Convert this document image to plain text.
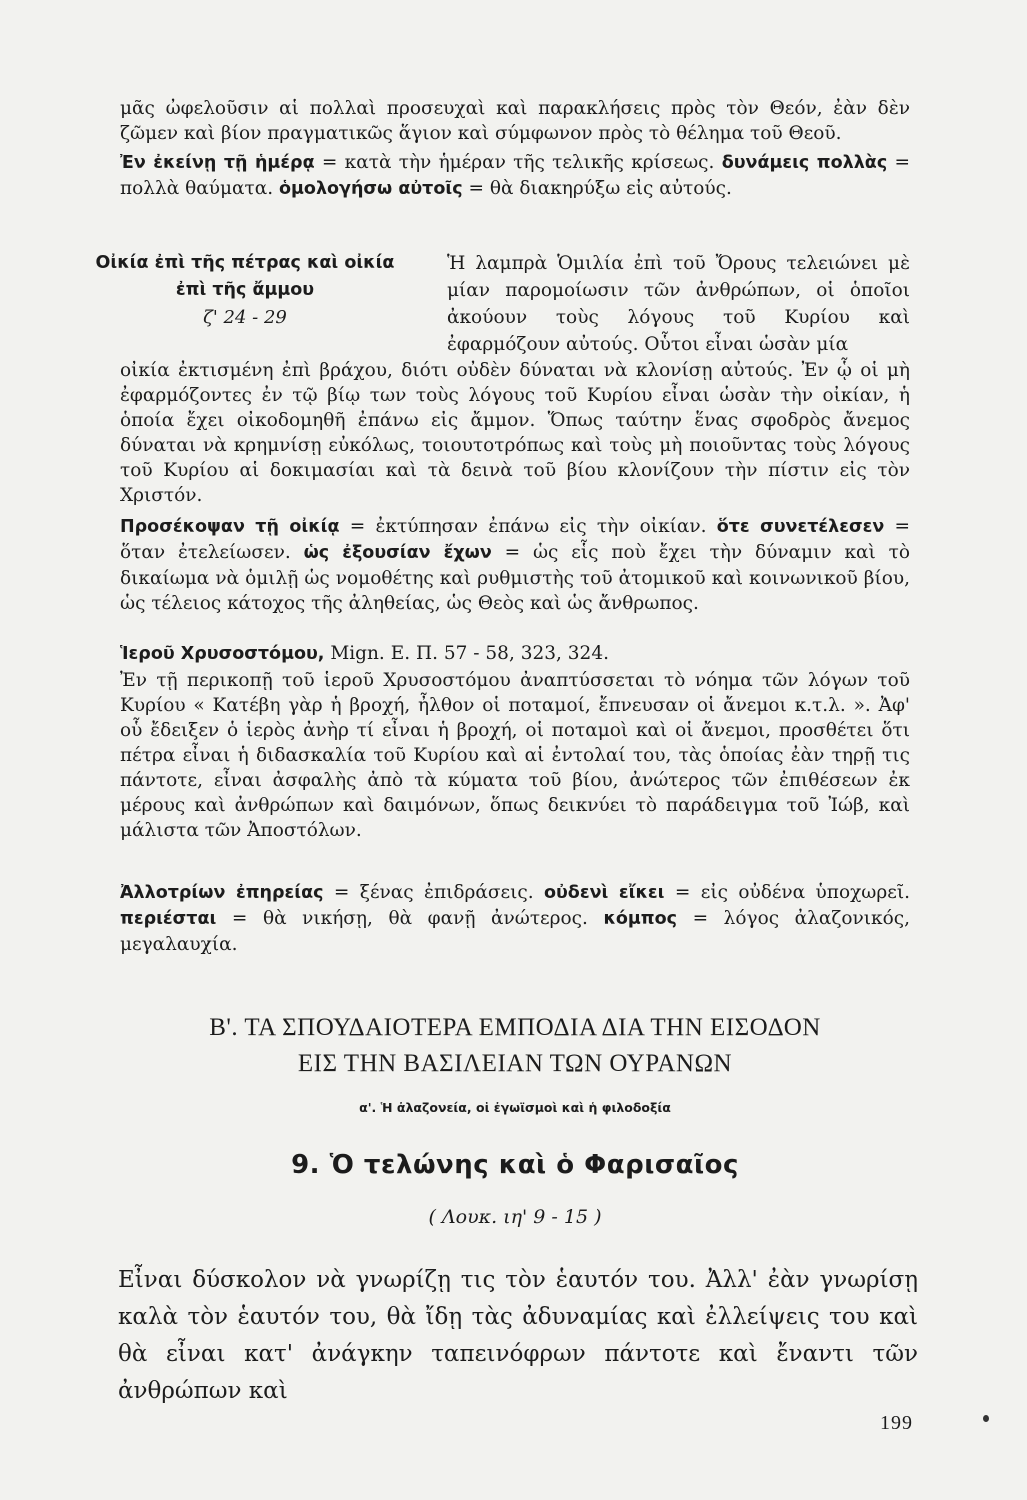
μᾶς ὠφελοῦσιν αἱ πολλαὶ προσευχαὶ καὶ παρακλήσεις πρὸς τὸν Θεόν, ἐὰν δὲν ζῶμεν καὶ βίον πραγματικῶς ἅγιον καὶ σύμφωνον πρὸς τὸ θέλημα τοῦ Θεοῦ.

Ἐν ἐκείνῃ τῇ ἡμέρᾳ = κατὰ τὴν ἡμέραν τῆς τελικῆς κρίσεως. δυνάμεις πολλὰς = πολλὰ θαύματα. ὁμολογήσω αὐτοῖς = θὰ διακηρύξω εἰς αὐτούς.

Οἰκία ἐπὶ τῆς πέτρας καὶ οἰκία
ἐπὶ τῆς ἄμμου
ζ' 24 - 29

Ἡ λαμπρὰ Ὁμιλία ἐπὶ τοῦ Ὄρους τελειώνει μὲ μίαν παρομοίωσιν τῶν ἀνθρώπων, οἱ ὁποῖοι ἀκούουν τοὺς λόγους τοῦ Κυρίου καὶ ἐφαρμόζουν αὐτούς. Οὗτοι εἶναι ὡσὰν μία

οἰκία ἐκτισμένη ἐπὶ βράχου, διότι οὐδὲν δύναται νὰ κλονίσῃ αὐτούς. Ἐν ᾧ οἱ μὴ ἐφαρμόζοντες ἐν τῷ βίῳ των τοὺς λόγους τοῦ Κυρίου εἶναι ὡσὰν τὴν οἰκίαν, ἡ ὁποία ἔχει οἰκοδομηθῆ ἐπάνω εἰς ἄμμον. Ὅπως ταύτην ἕνας σφοδρὸς ἄνεμος δύναται νὰ κρημνίσῃ εὐκόλως, τοιουτοτρόπως καὶ τοὺς μὴ ποιοῦντας τοὺς λόγους τοῦ Κυρίου αἱ δοκιμασίαι καὶ τὰ δεινὰ τοῦ βίου κλονίζουν τὴν πίστιν εἰς τὸν Χριστόν.

Προσέκοψαν τῇ οἰκίᾳ = ἐκτύπησαν ἐπάνω εἰς τὴν οἰκίαν. ὅτε συνετέλεσεν = ὅταν ἐτελείωσεν. ὡς ἐξουσίαν ἔχων = ὡς εἷς ποὺ ἔχει τὴν δύναμιν καὶ τὸ δικαίωμα νὰ ὁμιλῇ ὡς νομοθέτης καὶ ρυθμιστὴς τοῦ ἀτομικοῦ καὶ κοινωνικοῦ βίου, ὡς τέλειος κάτοχος τῆς ἀληθείας, ὡς Θεὸς καὶ ὡς ἄνθρωπος.

Ἱεροῦ Χρυσοστόμου, Mign. E. Π. 57 - 58, 323, 324.

Ἐν τῇ περικοπῇ τοῦ ἱεροῦ Χρυσοστόμου ἀναπτύσσεται τὸ νόημα τῶν λόγων τοῦ Κυρίου « Κατέβη γὰρ ἡ βροχή, ἦλθον οἱ ποταμοί, ἔπνευσαν οἱ ἄνεμοι κ.τ.λ. ». Ἀφ' οὗ ἔδειξεν ὁ ἱερὸς ἀνὴρ τί εἶναι ἡ βροχή, οἱ ποταμοὶ καὶ οἱ ἄνεμοι, προσθέτει ὅτι πέτρα εἶναι ἡ διδασκαλία τοῦ Κυρίου καὶ αἱ ἐντολαί του, τὰς ὁποίας ἐὰν τηρῇ τις πάντοτε, εἶναι ἀσφαλὴς ἀπὸ τὰ κύματα τοῦ βίου, ἀνώτερος τῶν ἐπιθέσεων ἐκ μέρους καὶ ἀνθρώπων καὶ δαιμόνων, ὅπως δεικνύει τὸ παράδειγμα τοῦ Ἰώβ, καὶ μάλιστα τῶν Ἀποστόλων.

Ἀλλοτρίων ἐπηρείας = ξένας ἐπιδράσεις. οὐδενὶ εἴκει = εἰς οὐδένα ὑποχωρεῖ. περιέσται = θὰ νικήσῃ, θὰ φανῇ ἀνώτερος. κόμπος = λόγος ἀλαζονικός, μεγαλαυχία.

Β'. ΤΑ ΣΠΟΥΔΑΙΟΤΕΡΑ ΕΜΠΟΔΙΑ ΔΙΑ ΤΗΝ ΕΙΣΟΔΟΝ
ΕΙΣ ΤΗΝ ΒΑΣΙΛΕΙΑΝ ΤΩΝ ΟΥΡΑΝΩΝ
α'. Ἡ ἀλαζονεία, οἱ ἐγωϊσμοὶ καὶ ἡ φιλοδοξία
9. Ὁ τελώνης καὶ ὁ Φαρισαῖος
( Λουκ. ιη' 9 - 15 )

Εἶναι δύσκολον νὰ γνωρίζῃ τις τὸν ἑαυτόν του. Ἀλλ' ἐὰν γνωρίσῃ καλὰ τὸν ἑαυτόν του, θὰ ἴδῃ τὰς ἀδυναμίας καὶ ἐλλείψεις του καὶ θὰ εἶναι κατ' ἀνάγκην ταπεινόφρων πάντοτε καὶ ἔναντι τῶν ἀνθρώπων καὶ

199
